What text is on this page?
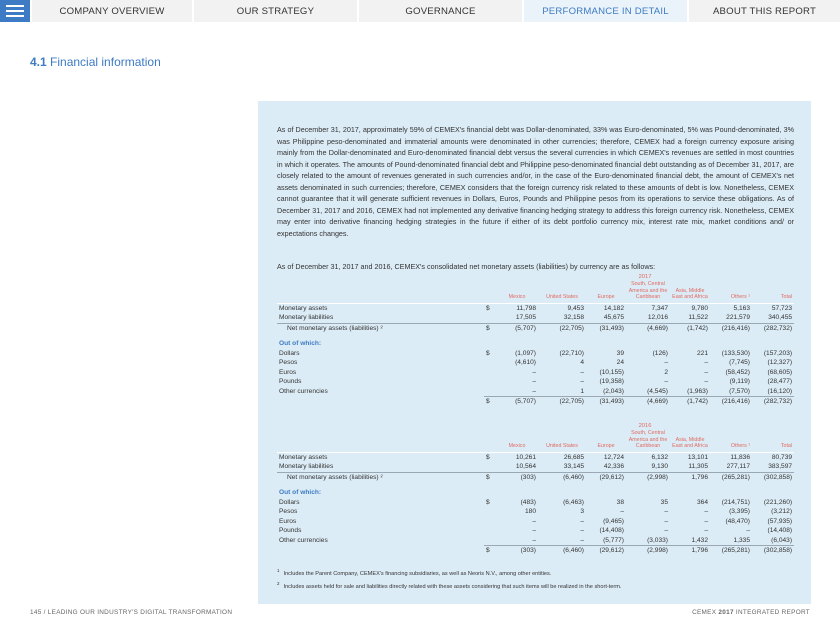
COMPANY OVERVIEW	OUR STRATEGY	GOVERNANCE	PERFORMANCE IN DETAIL	ABOUT THIS REPORT
4.1 Financial information

As of December 31, 2017, approximately 59% of CEMEX's financial debt was Dollar-denominated, 33% was Euro-denominated, 5% was Pound-denominated, 3% was Philippine peso-denominated and immaterial amounts were denominated in other currencies; therefore, CEMEX had a foreign currency exposure arising mainly from the Dollar-denominated and Euro-denominated financial debt versus the several currencies in which CEMEX's revenues are settled in most countries in which it operates. The amounts of Pound-denominated financial debt and Philippine peso-denominated financial debt outstanding as of December 31, 2017, are closely related to the amount of revenues generated in such currencies and/or, in the case of the Euro-denominated financial debt, the amount of CEMEX's net assets denominated in such currencies; therefore, CEMEX considers that the foreign currency risk related to these amounts of debt is low. Nonetheless, CEMEX cannot guarantee that it will generate sufficient revenues in Dollars, Euros, Pounds and Philippine pesos from its operations to service these obligations. As of December 31, 2017 and 2016, CEMEX had not implemented any derivative financing hedging strategy to address this foreign currency risk. Nonetheless, CEMEX may enter into derivative financing hedging strategies in the future if either of its debt portfolio currency mix, interest rate mix, market conditions and/ or expectations changes.

As of December 31, 2017 and 2016, CEMEX's consolidated net monetary assets (liabilities) by currency are as follows:

		2017						
		Mexico	United States	Europe	South, Central America and the Caribbean	Asia, Middle East and Africa	Others ¹	Total
Monetary assets	$	11,798	9,453	14,182	7,347	9,780	5,163	57,723
Monetary liabilities		17,505	32,158	45,675	12,016	11,522	221,579	340,455
Net monetary assets (liabilities) ²	$	(5,707)	(22,705)	(31,493)	(4,669)	(1,742)	(216,416)	(282,732)

Out of which:								
Dollars	$	(1,097)	(22,710)	39	(126)	221	(133,530)	(157,203)
Pesos		(4,610)	4	24	–	–	(7,745)	(12,327)
Euros		–	–	(10,155)	2	–	(58,452)	(68,605)
Pounds		–	–	(19,358)	–	–	(9,119)	(28,477)
Other currencies		–	1	(2,043)	(4,545)	(1,963)	(7,570)	(16,120)
	$	(5,707)	(22,705)	(31,493)	(4,669)	(1,742)	(216,416)	(282,732)
		2016						
		Mexico	United States	Europe	South, Central America and the Caribbean	Asia, Middle East and Africa	Others ¹	Total
Monetary assets	$	10,261	26,685	12,724	6,132	13,101	11,836	80,739
Monetary liabilities		10,564	33,145	42,336	9,130	11,305	277,117	383,597
Net monetary assets (liabilities) ²	$	(303)	(6,460)	(29,612)	(2,998)	1,796	(265,281)	(302,858)

Out of which:								
Dollars	$	(483)	(6,463)	38	35	364	(214,751)	(221,260)
Pesos		180	3	–	–	–	(3,395)	(3,212)
Euros		–	–	(9,465)	–	–	(48,470)	(57,935)
Pounds		–	–	(14,408)	–	–	–	(14,408)
Other currencies		–	–	(5,777)	(3,033)	1,432	1,335	(6,043)
	$	(303)	(6,460)	(29,612)	(2,998)	1,796	(265,281)	(302,858)

$^1$Includes the Parent Company, CEMEX's financing subsidiaries, as well as Neoris N.V., among other entities.

$^2$Includes assets held for sale and liabilities directly related with these assets considering that such items will be realized in the short-term.

145 / LEADING OUR INDUSTRY'S DIGITAL TRANSFORMATION	CEMEX 2017 INTEGRATED REPORT
